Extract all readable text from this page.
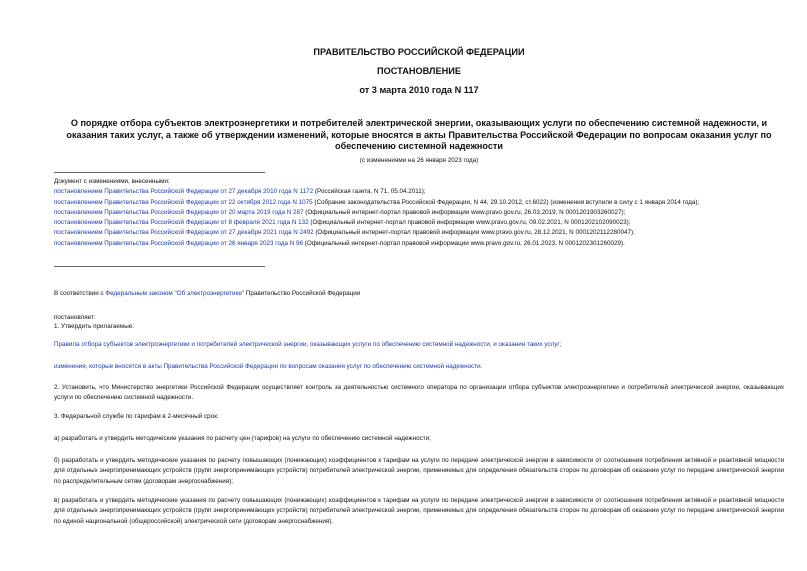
ПРАВИТЕЛЬСТВО РОССИЙСКОЙ ФЕДЕРАЦИИ
ПОСТАНОВЛЕНИЕ
от 3 марта 2010 года N 117
О порядке отбора субъектов электроэнергетики и потребителей электрической энергии, оказывающих услуги по обеспечению системной надежности, и оказания таких услуг, а также об утверждении изменений, которые вносятся в акты Правительства Российской Федерации по вопросам оказания услуг по обеспечению системной надежности
(с изменениями на 26 января 2023 года)

Документ с изменениями, внесенными:

постановлением Правительства Российской Федерации от 27 декабря 2010 года N 1172 (Российская газета, N 71, 05.04.2011);

постановлением Правительства Российской Федерации от 22 октября 2012 года N 1075 (Собрание законодательства Российской Федерации, N 44, 29.10.2012, ст.6022) (изменения вступили в силу с 1 января 2014 года);

постановлением Правительства Российской Федерации от 20 марта 2019 года N 287 (Официальный интернет-портал правовой информации www.pravo.gov.ru, 26.03.2019, N 0001201903260027);

постановлением Правительства Российской Федерации от 8 февраля 2021 года N 132 (Официальный интернет-портал правовой информации www.pravo.gov.ru, 09.02.2021, N 0001202102090023);

постановлением Правительства Российской Федерации от 27 декабря 2021 года N 2492 (Официальный интернет-портал правовой информации www.pravo.gov.ru, 28.12.2021, N 0001202112280047);

постановлением Правительства Российской Федерации от 26 января 2023 года N 96 (Официальный интернет-портал правовой информации www.pravo.gov.ru, 26.01.2023, N 0001202301260029).

В соответствии с Федеральным законом "Об электроэнергетике" Правительство Российской Федерации
постановляет:
1. Утвердить прилагаемые:
Правила отбора субъектов электроэнергетики и потребителей электрической энергии, оказывающих услуги по обеспечению системной надежности, и оказания таких услуг;
изменения, которые вносятся в акты Правительства Российской Федерации по вопросам оказания услуг по обеспечению системной надежности.
2. Установить, что Министерство энергетики Российской Федерации осуществляет контроль за деятельностью системного оператора по организации отбора субъектов электроэнергетики и потребителей электрической энергии, оказывающих услуги по обеспечению системной надежности.
3. Федеральной службе по тарифам в 2-месячный срок:
а) разработать и утвердить методические указания по расчету цен (тарифов) на услуги по обеспечению системной надежности;
б) разработать и утвердить методические указания по расчету повышающих (понижающих) коэффициентов к тарифам на услуги по передаче электрической энергии в зависимости от соотношения потребления активной и реактивной мощности для отдельных энергопринимающих устройств (групп энергопринимающих устройств) потребителей электрической энергии, применяемых для определения обязательств сторон по договорам об оказании услуг по передаче электрической энергии по распределительным сетям (договорам энергоснабжения);
в) разработать и утвердить методические указания по расчету повышающих (понижающих) коэффициентов к тарифам на услуги по передаче электрической энергии в зависимости от соотношения потребления активной и реактивной мощности для отдельных энергопринимающих устройств (групп энергопринимающих устройств) потребителей электрической энергии, применяемых для определения обязательств сторон по договорам об оказании услуг по передаче электрической энергии по единой национальной (общероссийской) электрической сети (договорам энергоснабжения).
